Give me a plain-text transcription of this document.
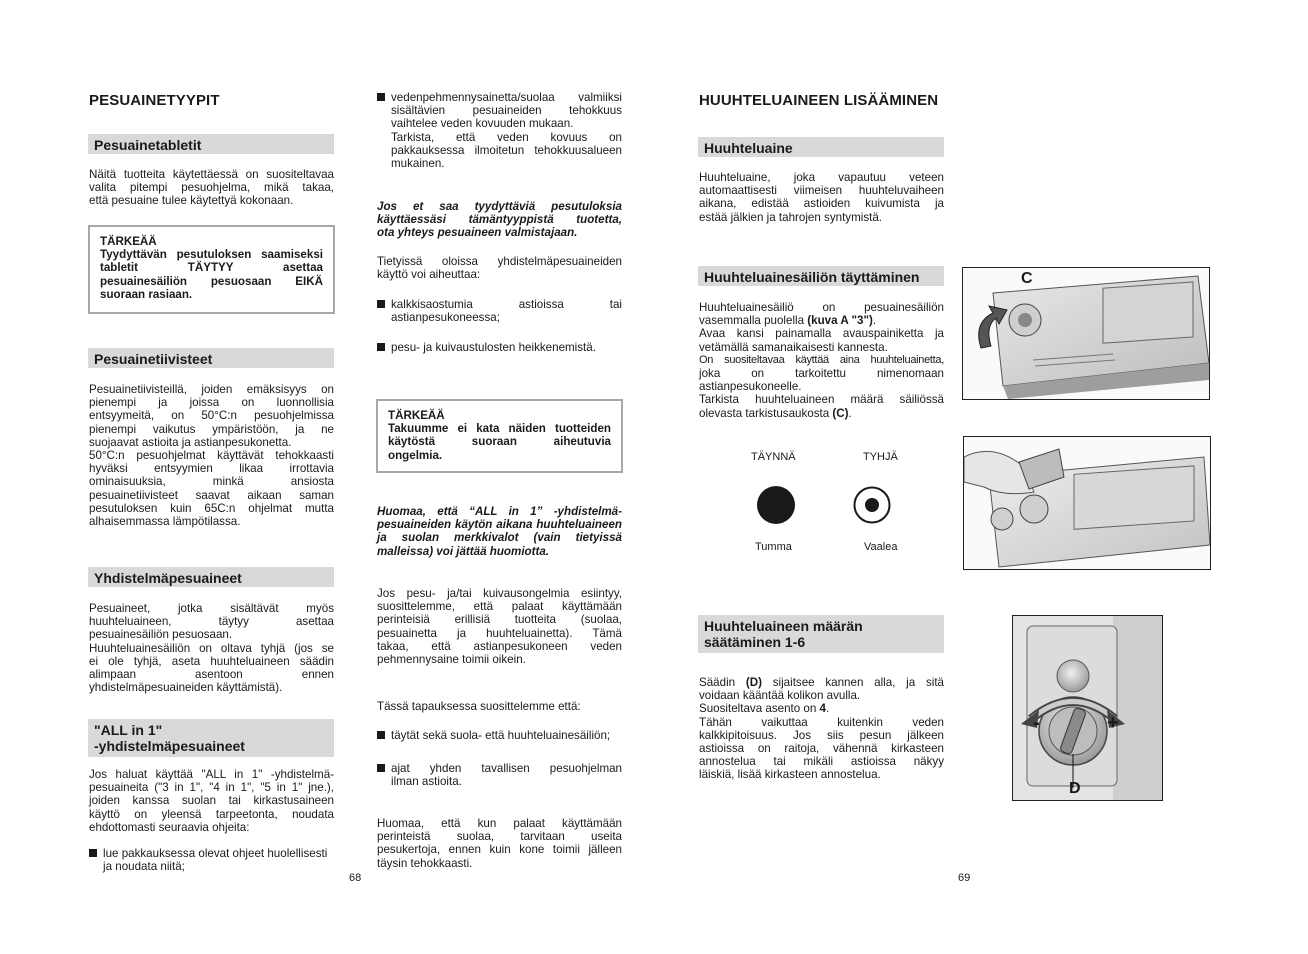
PESUAINETYYPIT
Pesuainetabletit
Näitä tuotteita käytettäessä on suositeltavaa
valita pitempi pesuohjelma, mikä takaa,
että pesuaine tulee käytettyä kokonaan.
TÄRKEÄÄ
Tyydyttävän pesutuloksen saamiseksi
tabletit TÄYTYY asettaa
pesuainesäiliön pesuosaan EIKÄ
suoraan rasiaan.
Pesuainetiivisteet
Pesuainetiivisteillä, joiden emäksisyys on
pienempi ja joissa on luonnollisia
entsyymeitä, on 50°C:n pesuohjelmissa
pienempi vaikutus ympäristöön, ja ne
suojaavat astioita ja astianpesukonetta.
50°C:n pesuohjelmat käyttävät tehokkaasti
hyväksi entsyymien likaa irrottavia
ominaisuuksia, minkä ansiosta
pesuainetiivisteet saavat aikaan saman
pesutuloksen kuin 65C:n ohjelmat mutta
alhaisemmassa lämpötilassa.
Yhdistelmäpesuaineet
Pesuaineet, jotka sisältävät myös
huuhteluaineen, täytyy asettaa
pesuainesäiliön pesuosaan.
Huuhteluainesäiliön on oltava tyhjä (jos se
ei ole tyhjä, aseta huuhteluaineen säädin
alimpaan asentoon ennen
yhdistelmäpesuaineiden käyttämistä).
"ALL in 1"
-yhdistelmäpesuaineet
Jos haluat käyttää "ALL in 1" -yhdistelmä-
pesuaineita ("3 in 1", "4 in 1", "5 in 1" jne.),
joiden kanssa suolan tai kirkastusaineen
käyttö on yleensä tarpeetonta, noudata
ehdottomasti seuraavia ohjeita:
lue pakkauksessa olevat ohjeet huolellisesti
ja noudata niitä;
68
vedenpehmennysainetta/suolaa valmiiksi
sisältävien pesuaineiden tehokkuus
vaihtelee veden kovuuden mukaan.
Tarkista, että veden kovuus on
pakkauksessa ilmoitetun tehokkuusalueen
mukainen.
Jos et saa tyydyttäviä pesutuloksia
käyttäessäsi tämäntyyppistä tuotetta,
ota yhteys pesuaineen valmistajaan.
Tietyissä oloissa yhdistelmäpesuaineiden
käyttö voi aiheuttaa:
kalkkisaostumia astioissa tai
astianpesukoneessa;
pesu- ja kuivaustulosten heikkenemistä.
TÄRKEÄÄ
Takuumme ei kata näiden tuotteiden
käytöstä suoraan aiheutuvia
ongelmia.
Huomaa, että “ALL in 1” -yhdistelmä-
pesuaineiden käytön aikana huuhteluaineen
ja suolan merkkivalot (vain tietyissä
malleissa) voi jättää huomiotta.
Jos pesu- ja/tai kuivausongelmia esiintyy,
suosittelemme, että palaat käyttämään
perinteisiä erillisiä tuotteita (suolaa,
pesuainetta ja huuhteluainetta). Tämä
takaa, että astianpesukoneen veden
pehmennysaine toimii oikein.
Tässä tapauksessa suosittelemme että:
täytät sekä suola- että huuhteluainesäiliön;
ajat yhden tavallisen pesuohjelman
ilman astioita.
Huomaa, että kun palaat käyttämään
perinteistä suolaa, tarvitaan useita
pesukertoja, ennen kuin kone toimii jälleen
täysin tehokkaasti.
HUUHTELUAINEEN LISÄÄMINEN
Huuhteluaine
Huuhteluaine, joka vapautuu veteen
automaattisesti viimeisen huuhteluvaiheen
aikana, edistää astioiden kuivumista ja
estää jälkien ja tahrojen syntymistä.
Huuhteluainesäiliön täyttäminen
Huuhteluainesäiliö on pesuainesäiliön
vasemmalla puolella (kuva A "3").
Avaa kansi painamalla avauspainiketta ja
vetämällä samanaikaisesti kannesta.
On suositeltavaa käyttää aina huuhteluainetta,
joka on tarkoitettu nimenomaan
astianpesukoneelle.
Tarkista huuhteluaineen määrä säiliössä
olevasta tarkistusaukosta (C).
TÄYNNÄ	TYHJÄ
Tumma	Vaalea
Huuhteluaineen määrän
säätäminen 1-6
Säädin (D) sijaitsee kannen alla, ja sitä
voidaan kääntää kolikon avulla.
Suositeltava asento on 4.
Tähän vaikuttaa kuitenkin veden
kalkkipitoisuus. Jos siis pesun jälkeen
astioissa on raitoja, vähennä kirkasteen
annostelua tai mikäli astioissa näkyy
läiskiä, lisää kirkasteen annostelua.
C
-	+
D
69
